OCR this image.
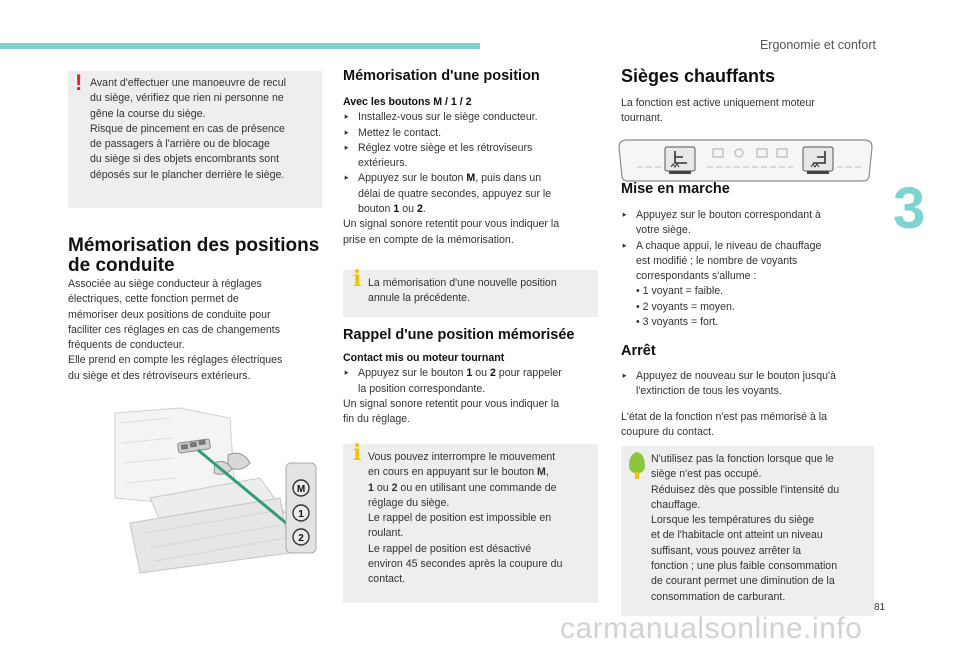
Ergonomie et confort
3
81
! Avant d'effectuer une manoeuvre de recul
du siège, vérifiez que rien ni personne ne
gêne la course du siège.
Risque de pincement en cas de présence
de passagers à l'arrière ou de blocage
du siège si des objets encombrants sont
déposés sur le plancher derrière le siège.
Mémorisation des positions
de conduite
Associée au siège conducteur à réglages
électriques, cette fonction permet de
mémoriser deux positions de conduite pour
faciliter ces réglages en cas de changements
fréquents de conducteur.
Elle prend en compte les réglages électriques
du siège et des rétroviseurs extérieurs.
M
1
2
Mémorisation d'une position
Avec les boutons M / 1 / 2
⯈ Installez-vous sur le siège conducteur.
⯈ Mettez le contact.
⯈ Réglez votre siège et les rétroviseurs
extérieurs.
⯈ Appuyez sur le bouton M, puis dans un
délai de quatre secondes, appuyez sur le
bouton 1 ou 2.
Un signal sonore retentit pour vous indiquer la
prise en compte de la mémorisation.
i La mémorisation d'une nouvelle position
annule la précédente.
Rappel d'une position mémorisée
Contact mis ou moteur tournant
⯈ Appuyez sur le bouton 1 ou 2 pour rappeler
la position correspondante.
Un signal sonore retentit pour vous indiquer la
fin du réglage.
i Vous pouvez interrompre le mouvement
en cours en appuyant sur le bouton M,
1 ou 2 ou en utilisant une commande de
réglage du siège.
Le rappel de position est impossible en
roulant.
Le rappel de position est désactivé
environ 45 secondes après la coupure du
contact.
Sièges chauffants
La fonction est active uniquement moteur
tournant.
Mise en marche
⯈ Appuyez sur le bouton correspondant à
votre siège.
⯈ A chaque appui, le niveau de chauffage
est modifié ; le nombre de voyants
correspondants s'allume :
• 1 voyant = faible.
• 2 voyants = moyen.
• 3 voyants = fort.
Arrêt
⯈ Appuyez de nouveau sur le bouton jusqu'à
l'extinction de tous les voyants.
L'état de la fonction n'est pas mémorisé à la
coupure du contact.
N'utilisez pas la fonction lorsque que le
siège n'est pas occupé.
Réduisez dès que possible l'intensité du
chauffage.
Lorsque les températures du siège
et de l'habitacle ont atteint un niveau
suffisant, vous pouvez arrêter la
fonction ; une plus faible consommation
de courant permet une diminution de la
consommation de carburant.
carmanualsonline.info
